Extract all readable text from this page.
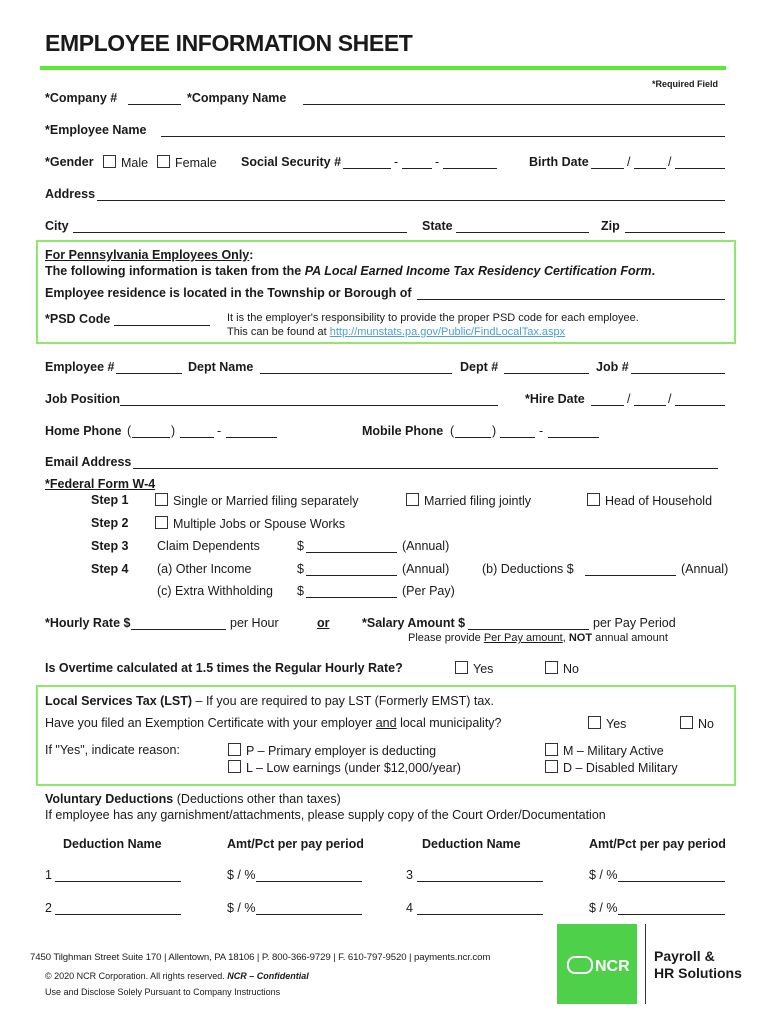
EMPLOYEE INFORMATION SHEET
*Required Field
*Company #	*Company Name
*Employee Name
*Gender	Male	Female Social Security #	-	-	Birth Date	/	/
Address
City	State	Zip
For Pennsylvania Employees Only:
The following information is taken from the PA Local Earned Income Tax Residency Certification Form.
Employee residence is located in the Township or Borough of
*PSD Code	It is the employer's responsibility to provide the proper PSD code for each employee.
This can be found at http://munstats.pa.gov/Public/FindLocalTax.aspx
Employee #	Dept Name	Dept #	Job #
Job Position	*Hire Date	/	/
Home Phone (	)	-	Mobile Phone (	)	-
Email Address
*Federal Form W-4
Step 1	Single or Married filing separately	Married filing jointly	Head of Household
Step 2	Multiple Jobs or Spouse Works
Step 3 Claim Dependents	$	(Annual)
Step 4 (a) Other Income	$	(Annual)	(b) Deductions $	(Annual)
(c) Extra Withholding $	(Per Pay)
*Hourly Rate $	per Hour	or	*Salary Amount $	per Pay Period
Please provide Per Pay amount, NOT annual amount
Is Overtime calculated at 1.5 times the Regular Hourly Rate?	Yes	No
Local Services Tax (LST) – If you are required to pay LST (Formerly EMST) tax.
Have you filed an Exemption Certificate with your employer and local municipality?	Yes	No
If "Yes", indicate reason:	P – Primary employer is deducting
L – Low earnings (under $12,000/year)
M – Military Active
D – Disabled Military
Voluntary Deductions (Deductions other than taxes)
If employee has any garnishment/attachments, please supply copy of the Court Order/Documentation
Deduction Name	Amt/Pct per pay period	Deduction Name	Amt/Pct per pay period
1	$ / %	3	$ / %
2	$ / %	4	$ / %
7450 Tilghman Street Suite 170 | Allentown, PA 18106 | P. 800-366-9729 | F. 610-797-9520 | payments.ncr.com
© 2020 NCR Corporation. All rights reserved. NCR – Confidential
Use and Disclose Solely Pursuant to Company Instructions
NCR
Payroll &
HR Solutions
